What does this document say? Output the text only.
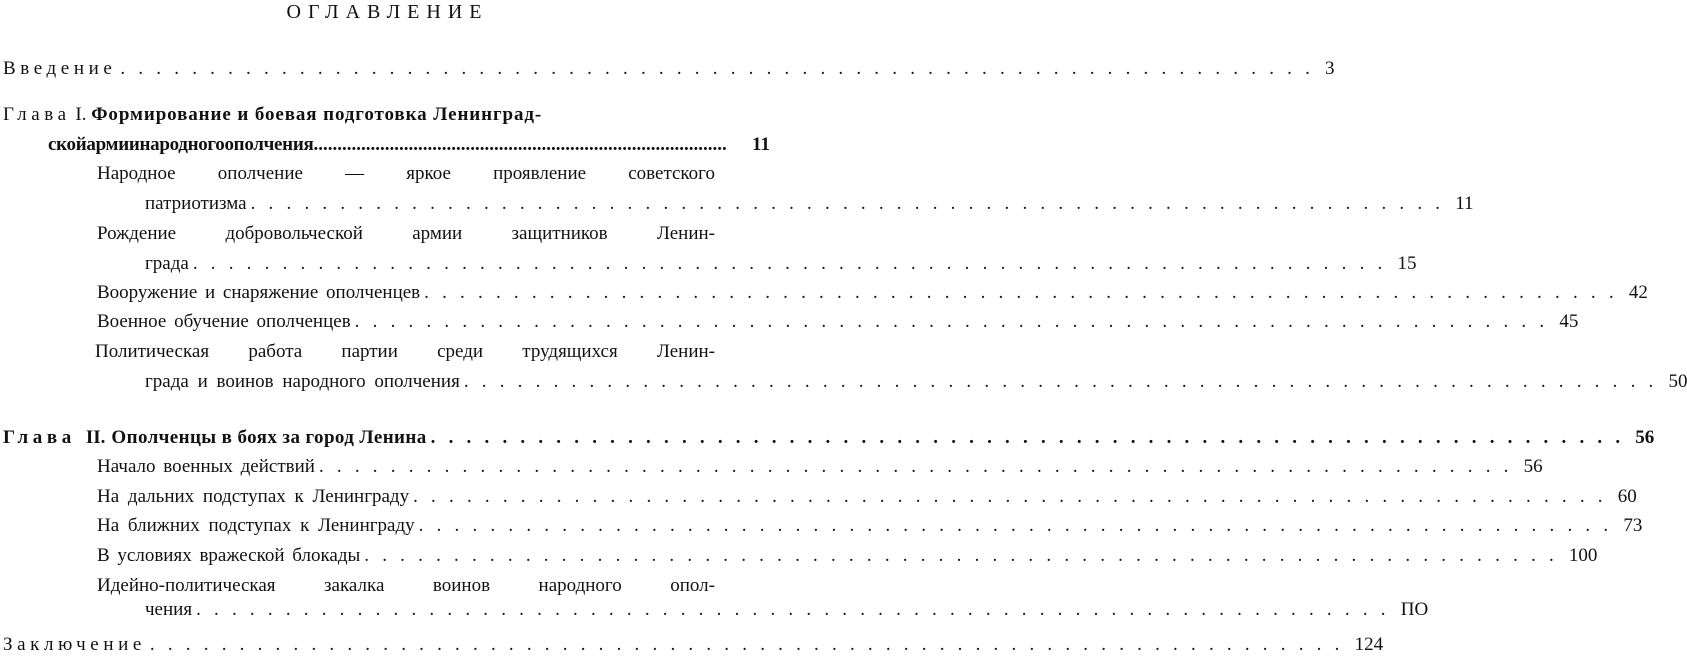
ОГЛАВЛЕНИЕ
Введение ................................................................... 3
Глава I. Формирование и боевая подготовка Ленинград-
скойармиинародногоополчения .......................................................................................	11
Народное ополчение — яркое проявление советского
патриотизма ................................................................... 11
Рождение добровольческой армии защитников Ленин-
града ................................................................... 15
Вооружение и снаряжение ополченцев ................................................................... 42
Военное обучение ополченцев ................................................................... 45
Политическая работа партии среди трудящихся Ленин-
града и воинов народного ополчения ................................................................... 50
Глава II. Ополченцы в боях за город Ленина ................................................................... 56
Начало военных действий ................................................................... 56
На дальних подступах к Ленинграду ................................................................... 60
На ближних подступах к Ленинграду ................................................................... 73
В условиях вражеской блокады ................................................................... 100
Идейно-политическая закалка воинов народного опол-
чения ................................................................... ПО
Заключение ................................................................... 124
